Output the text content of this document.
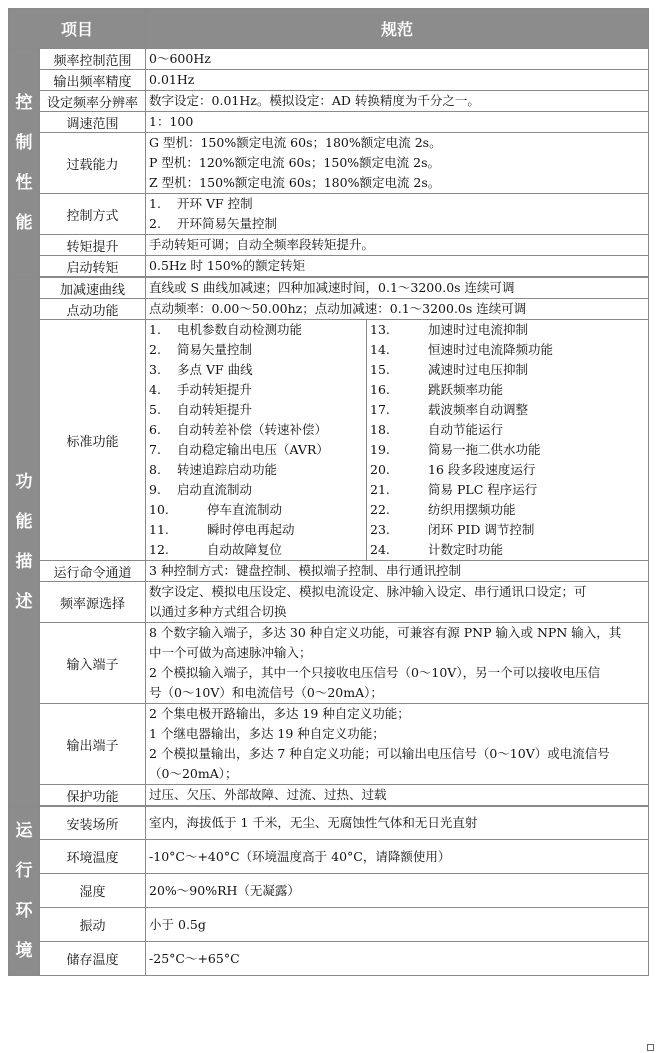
项目	规范

控
制
性
能
	频率控制范围	0～600Hz
输出频率精度	0.01Hz
设定频率分辨率	数字设定：0.01Hz。模拟设定：AD 转换精度为千分之一。
调速范围	1：100
过载能力	
G 型机：150%额定电流 60s；180%额定电流 2s。
P 型机：120%额定电流 60s；150%额定电流 2s。
Z 型机：150%额定电流 60s；180%额定电流 2s。

控制方式	
1.	开环 VF 控制
2.	开环简易矢量控制

转矩提升	手动转矩可调；自动全频率段转矩提升。
启动转矩	0.5Hz 时 150%的额定转矩

功
能
描
述
	加减速曲线	直线或 S 曲线加减速；四种加减速时间，0.1～3200.0s 连续可调
点动功能	点动频率：0.00～50.00hz；点动加减速：0.1～3200.0s 连续可调
标准功能	
1.	电机参数自动检测功能
2.	简易矢量控制
3.	多点 VF 曲线
4.	手动转矩提升
5.	自动转矩提升
6.	自动转差补偿（转速补偿）
7.	自动稳定输出电压（AVR）
8.	转速追踪启动功能
9.	启动直流制动
10.	停车直流制动
11.	瞬时停电再起动
12.	自动故障复位

13.	加速时过电流抑制
14.	恒速时过电流降频功能
15.	减速时过电压抑制
16.	跳跃频率功能
17.	载波频率自动调整
18.	自动节能运行
19.	简易一拖二供水功能
20.	16 段多段速度运行
21.	简易 PLC 程序运行
22.	纺织用摆频功能
23.	闭环 PID 调节控制
24.	计数定时功能

运行命令通道	3 种控制方式：键盘控制、模拟端子控制、串行通讯控制
频率源选择	
数字设定、模拟电压设定、模拟电流设定、脉冲输入设定、串行通讯口设定；可
以通过多种方式组合切换

输入端子	
8 个数字输入端子，多达 30 种自定义功能，可兼容有源 PNP 输入或 NPN 输入，其
中一个可做为高速脉冲输入；
2 个模拟输入端子，其中一个只接收电压信号（0～10V），另一个可以接收电压信
号（0～10V）和电流信号（0～20mA）；

输出端子	
2 个集电极开路输出，多达 19 种自定义功能；
1 个继电器输出，多达 19 种自定义功能；
2 个模拟量输出，多达 7 种自定义功能；可以输出电压信号（0～10V）或电流信号
（0～20mA）；

保护功能	过压、欠压、外部故障、过流、过热、过载

运
行
环
境
	安装场所	室内，海拔低于 1 千米，无尘、无腐蚀性气体和无日光直射
环境温度	-10°C～+40°C（环境温度高于 40°C，请降额使用）
湿度	20%～90%RH（无凝露）
振动	小于 0.5g
储存温度	-25°C～+65°C
